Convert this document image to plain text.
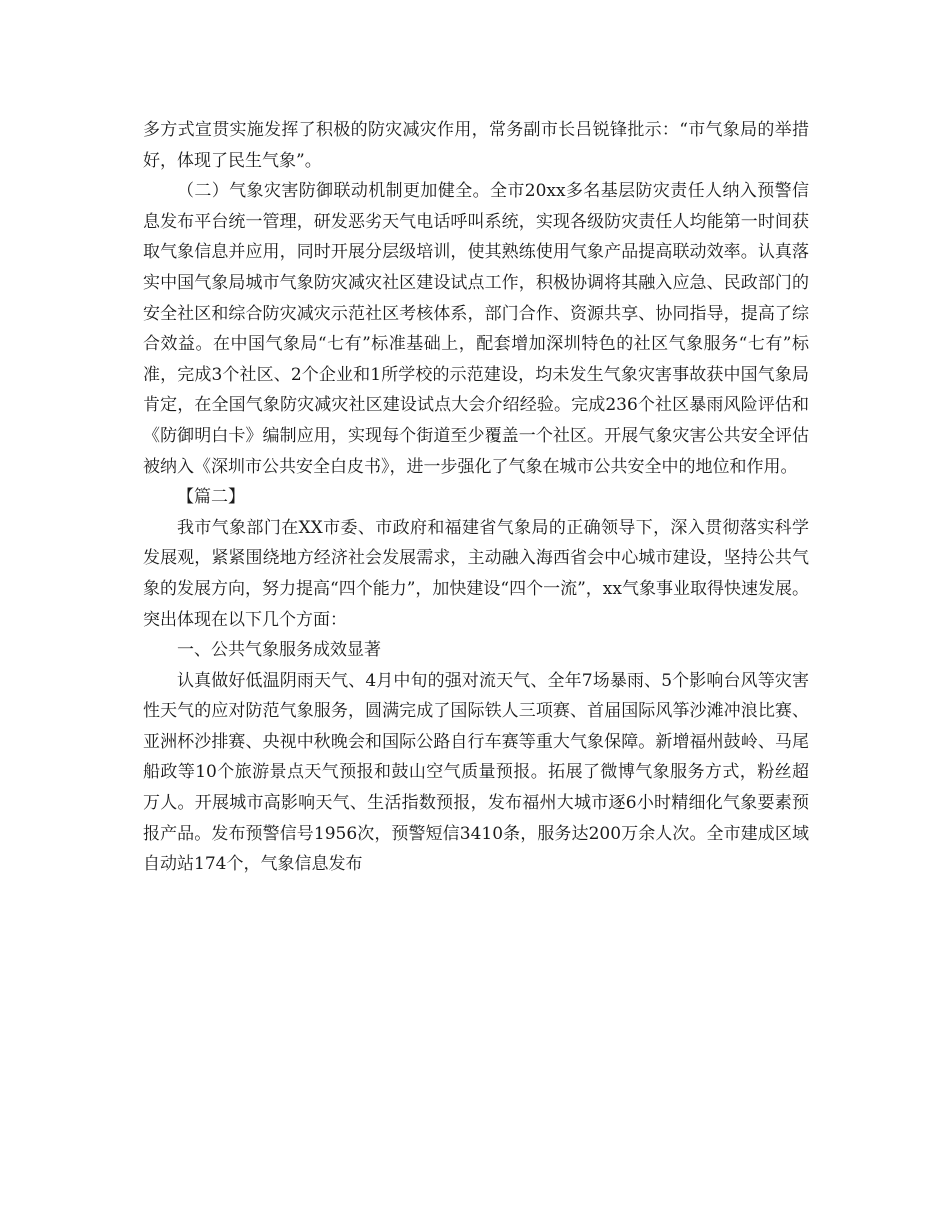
多方式宣贯实施发挥了积极的防灾减灾作用，常务副市长吕锐锋批示：“市气象局的举措好，体现了民生气象”。

（二）气象灾害防御联动机制更加健全。全市20xx多名基层防灾责任人纳入预警信息发布平台统一管理，研发恶劣天气电话呼叫系统，实现各级防灾责任人均能第一时间获取气象信息并应用，同时开展分层级培训，使其熟练使用气象产品提高联动效率。认真落实中国气象局城市气象防灾减灾社区建设试点工作，积极协调将其融入应急、民政部门的安全社区和综合防灾减灾示范社区考核体系，部门合作、资源共享、协同指导，提高了综合效益。在中国气象局“七有”标准基础上，配套增加深圳特色的社区气象服务“七有”标准，完成3个社区、2个企业和1所学校的示范建设，均未发生气象灾害事故获中国气象局肯定，在全国气象防灾减灾社区建设试点大会介绍经验。完成236个社区暴雨风险评估和《防御明白卡》编制应用，实现每个街道至少覆盖一个社区。开展气象灾害公共安全评估被纳入《深圳市公共安全白皮书》，进一步强化了气象在城市公共安全中的地位和作用。

【篇二】

我市气象部门在XX市委、市政府和福建省气象局的正确领导下，深入贯彻落实科学发展观，紧紧围绕地方经济社会发展需求，主动融入海西省会中心城市建设，坚持公共气象的发展方向，努力提高“四个能力”，加快建设“四个一流”，xx气象事业取得快速发展。突出体现在以下几个方面：

一、公共气象服务成效显著

认真做好低温阴雨天气、4月中旬的强对流天气、全年7场暴雨、5个影响台风等灾害性天气的应对防范气象服务，圆满完成了国际铁人三项赛、首届国际风筝沙滩冲浪比赛、亚洲杯沙排赛、央视中秋晚会和国际公路自行车赛等重大气象保障。新增福州鼓岭、马尾船政等10个旅游景点天气预报和鼓山空气质量预报。拓展了微博气象服务方式，粉丝超万人。开展城市高影响天气、生活指数预报，发布福州大城市逐6小时精细化气象要素预报产品。发布预警信号1956次，预警短信3410条，服务达200万余人次。全市建成区域自动站174个，气象信息发布
